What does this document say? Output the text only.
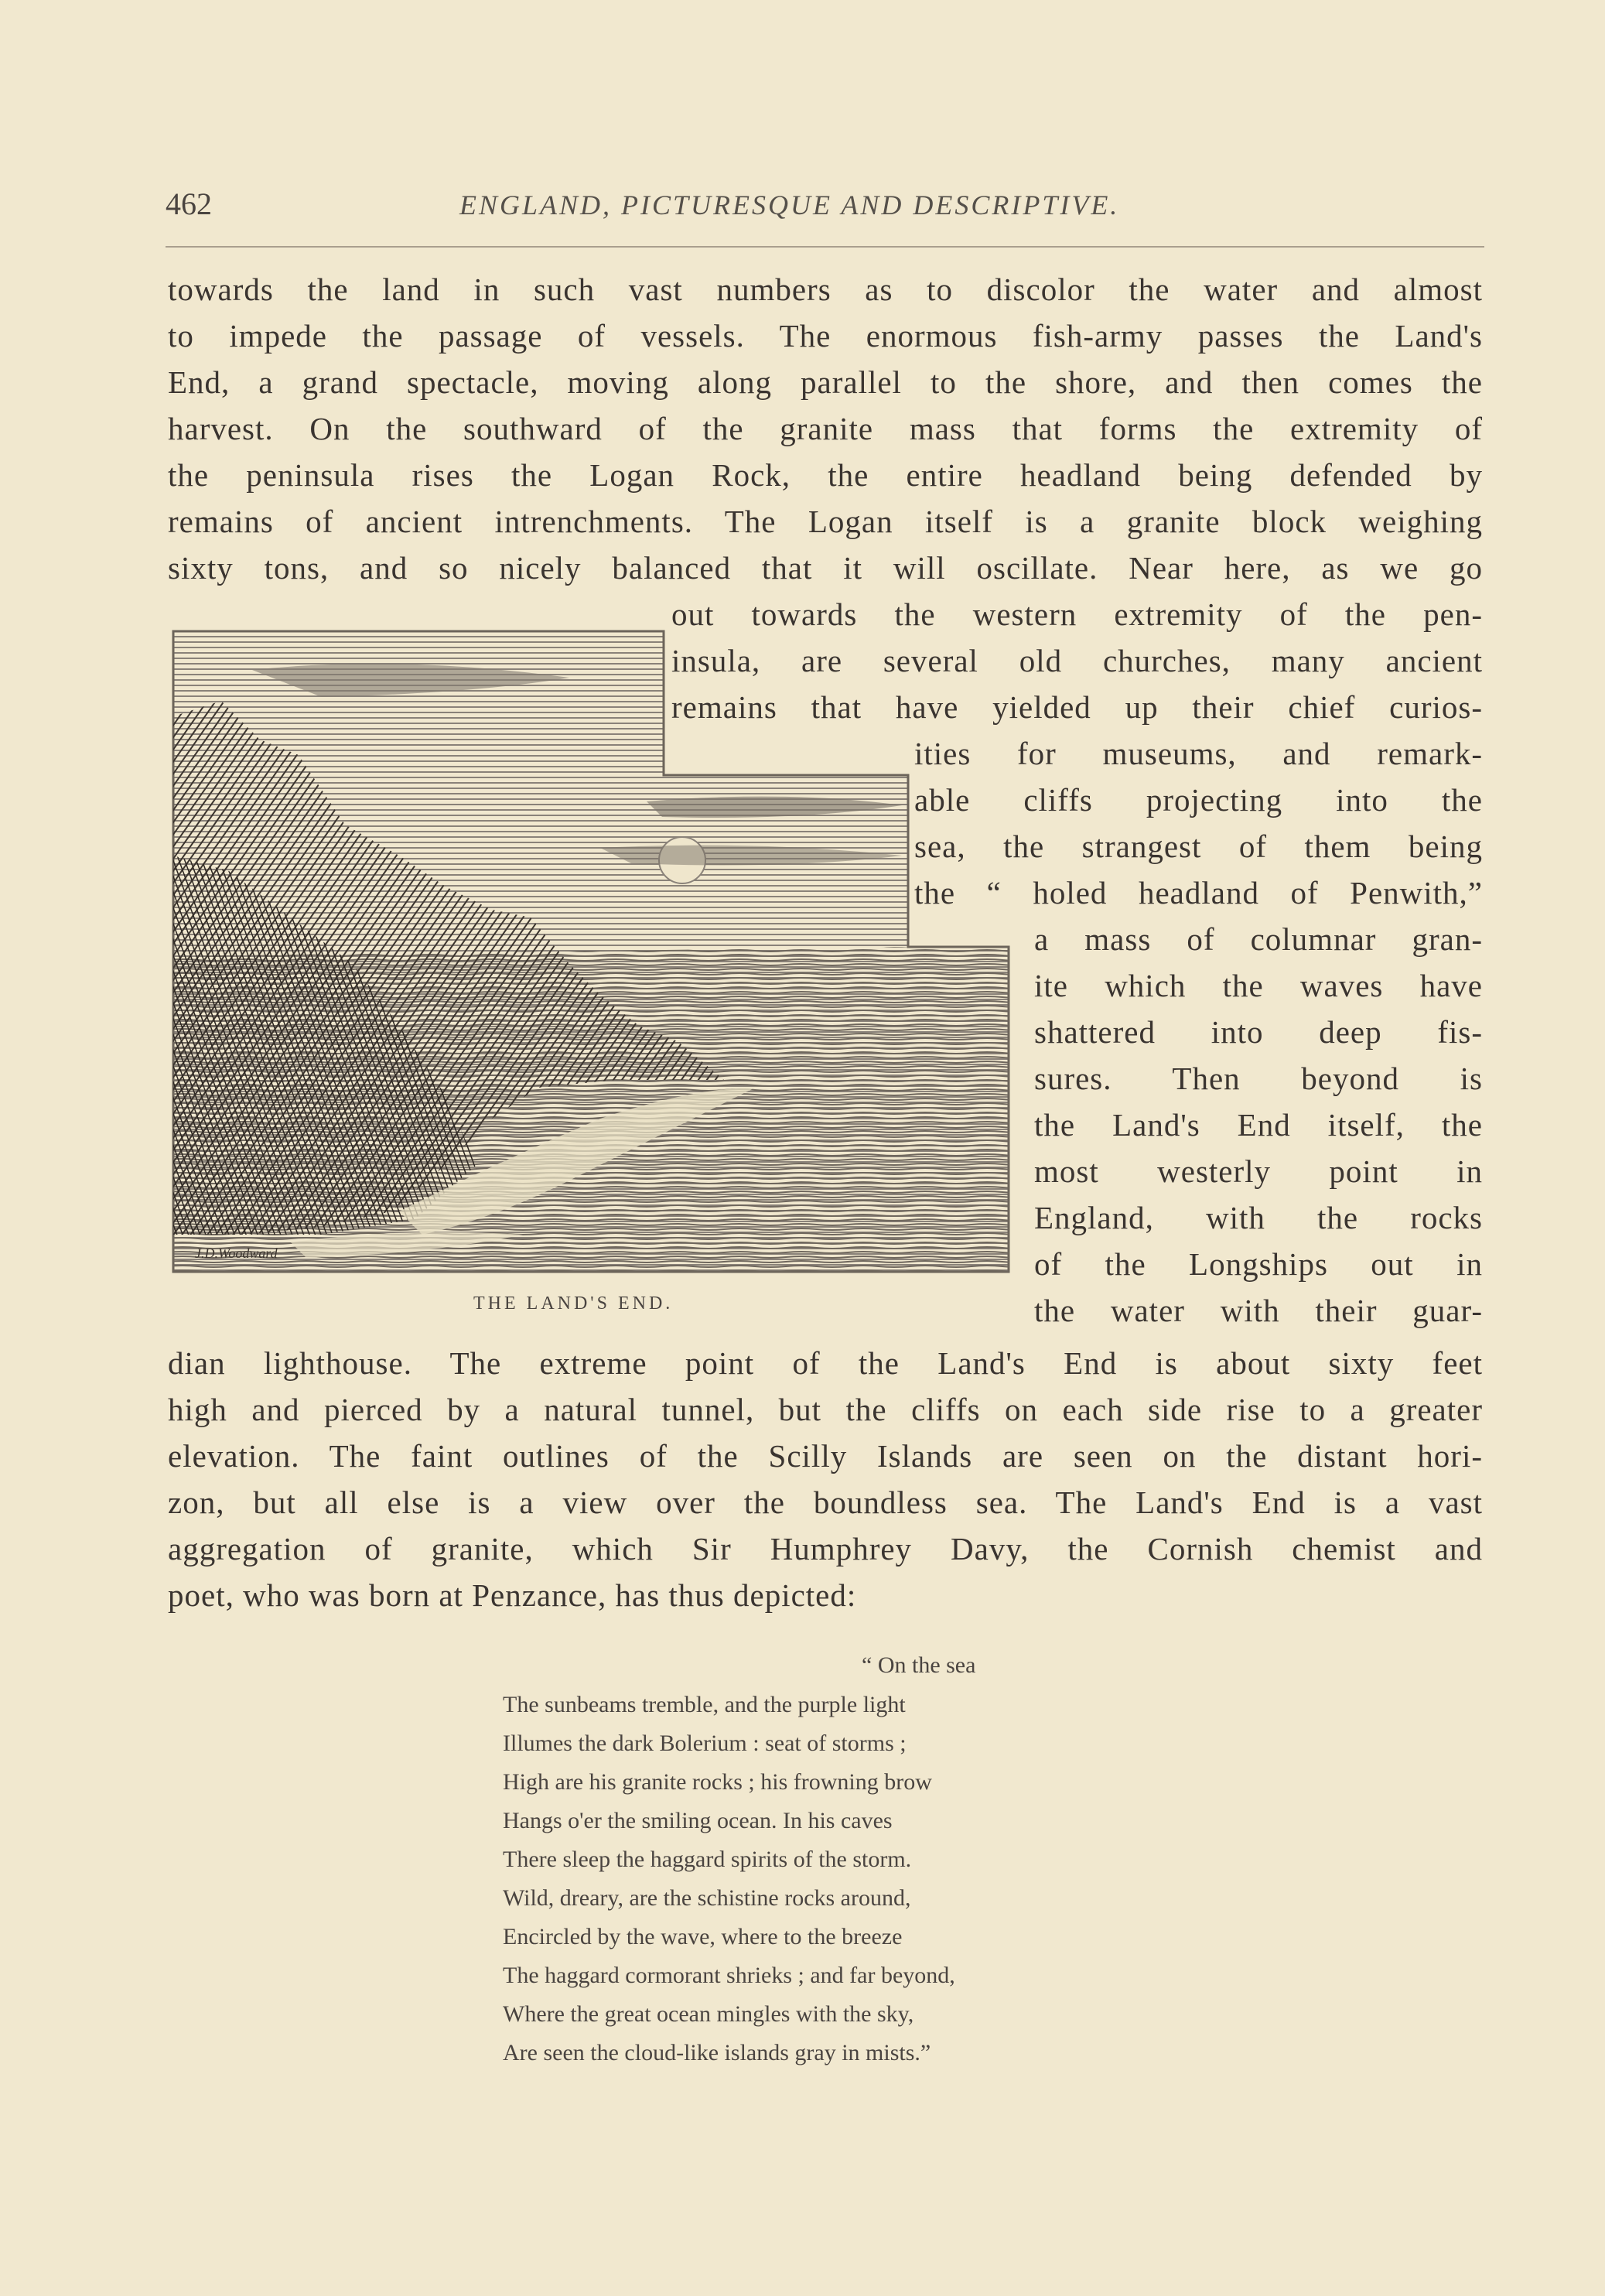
462	ENGLAND, PICTURESQUE AND DESCRIPTIVE.
towards the land in such vast numbers as to discolor the water and almost
to impede the passage of vessels. The enormous fish-army passes the Land's
End, a grand spectacle, moving along parallel to the shore, and then comes the
harvest. On the southward of the granite mass that forms the extremity of
the peninsula rises the Logan Rock, the entire headland being defended by
remains of ancient intrenchments. The Logan itself is a granite block weighing
sixty tons, and so nicely balanced that it will oscillate. Near here, as we go
out towards the western extremity of the pen-
insula, are several old churches, many ancient
remains that have yielded up their chief curios-
ities for museums, and remark-
able cliffs projecting into the
sea, the strangest of them being
the “ holed headland of Penwith,”
a mass of columnar gran-
ite which the waves have
shattered into deep fis-
sures. Then beyond is
the Land's End itself, the
most westerly point in
England, with the rocks
of the Longships out in
the water with their guar-
dian lighthouse. The extreme point of the Land's End is about sixty feet
high and pierced by a natural tunnel, but the cliffs on each side rise to a greater
elevation. The faint outlines of the Scilly Islands are seen on the distant hori-
zon, but all else is a view over the boundless sea. The Land's End is a vast
aggregation of granite, which Sir Humphrey Davy, the Cornish chemist and
poet, who was born at Penzance, has thus depicted:
J.D.Woodward
THE LAND'S END.
“ On the sea
The sunbeams tremble, and the purple light
Illumes the dark Bolerium : seat of storms ;
High are his granite rocks ; his frowning brow
Hangs o'er the smiling ocean. In his caves
There sleep the haggard spirits of the storm.
Wild, dreary, are the schistine rocks around,
Encircled by the wave, where to the breeze
The haggard cormorant shrieks ; and far beyond,
Where the great ocean mingles with the sky,
Are seen the cloud-like islands gray in mists.”
